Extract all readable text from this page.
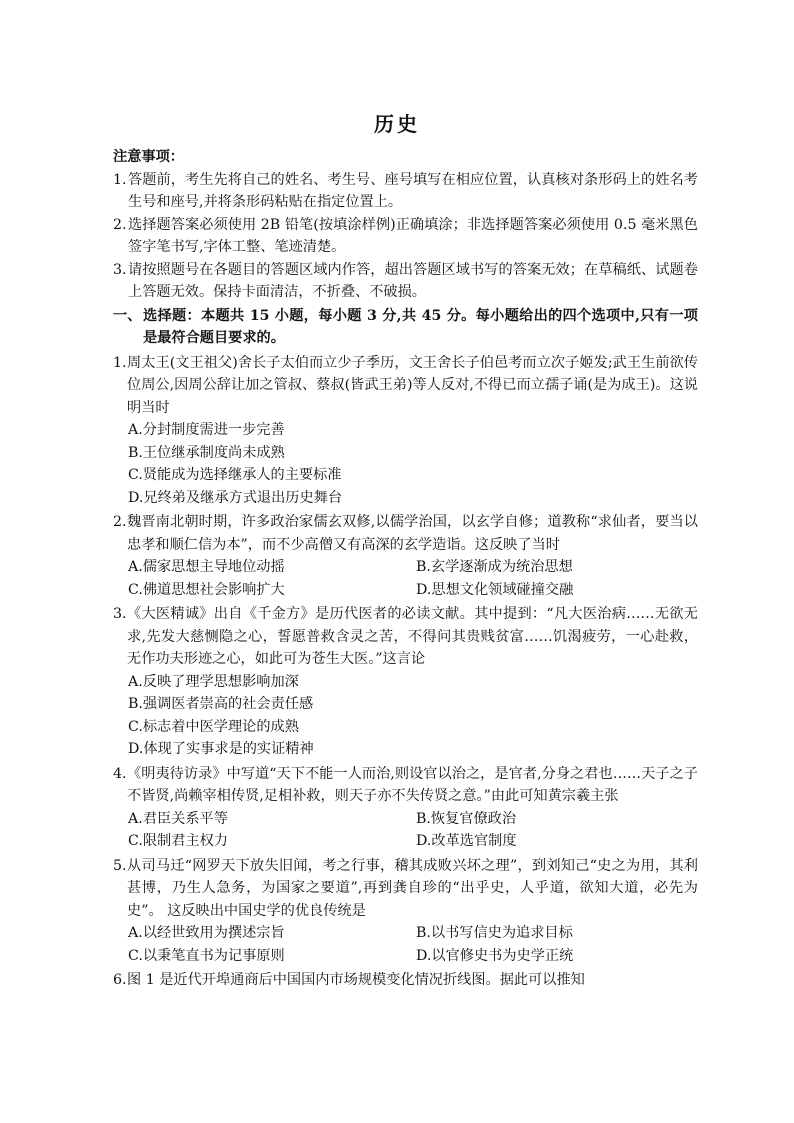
历史
注意事项：
1. 答题前，考生先将自己的姓名、考生号、座号填写在相应位置，认真核对条形码上的姓名考生号和座号,并将条形码粘贴在指定位置上。
2. 选择题答案必须使用 2B 铅笔(按填涂样例)正确填涂；非选择题答案必须使用 0.5 毫米黑色签字笔书写,字体工整、笔迹清楚。
3. 请按照题号在各题目的答题区域内作答，超出答题区域书写的答案无效；在草稿纸、试题卷上答题无效。保持卡面清洁，不折叠、不破损。
一、 选择题：本题共 15 小题，每小题 3 分,共 45 分。每小题给出的四个选项中,只有一项是最符合题目要求的。
1. 周太王(文王祖父)舍长子太伯而立少子季历，文王舍长子伯邑考而立次子姬发;武王生前欲传位周公,因周公辞让加之管叔、蔡叔(皆武王弟)等人反对,不得已而立孺子诵(是为成王)。这说明当时
A.分封制度需进一步完善
B.王位继承制度尚未成熟
C.贤能成为选择继承人的主要标准
D.兄终弟及继承方式退出历史舞台
2. 魏晋南北朝时期，许多政治家儒玄双修,以儒学治国，以玄学自修；道教称“求仙者，要当以忠孝和顺仁信为本”，而不少高僧又有高深的玄学造诣。这反映了当时
A.儒家思想主导地位动摇	B.玄学逐渐成为统治思想
C.佛道思想社会影响扩大	D.思想文化领域碰撞交融
3. 《大医精诚》出自《千金方》是历代医者的必读文献。其中提到：“凡大医治病……无欲无求,先发大慈恻隐之心，誓愿普救含灵之苦，不得问其贵贱贫富……饥渴疲劳，一心赴救，无作功夫形迹之心，如此可为苍生大医。”这言论
A.反映了理学思想影响加深
B.强调医者崇高的社会责任感
C.标志着中医学理论的成熟
D.体现了实事求是的实证精神
4. 《明夷待访录》中写道“天下不能一人而治,则设官以治之，是官者,分身之君也……天子之子不皆贤,尚赖宰相传贤,足相补救，则天子亦不失传贤之意。”由此可知黄宗羲主张
A.君臣关系平等	B.恢复官僚政治
C.限制君主权力	D.改革选官制度
5. 从司马迁“网罗天下放失旧闻，考之行事，稽其成败兴坏之理”，到刘知己“史之为用，其利甚博，乃生人急务，为国家之要道”,再到龚自珍的“出乎史，人乎道，欲知大道，必先为史”。 这反映出中国史学的优良传统是
A.以经世致用为撰述宗旨	B.以书写信史为追求目标
C.以秉笔直书为记事原则	D.以官修史书为史学正统
6. 图 1 是近代开埠通商后中国国内市场规模变化情况折线图。据此可以推知
